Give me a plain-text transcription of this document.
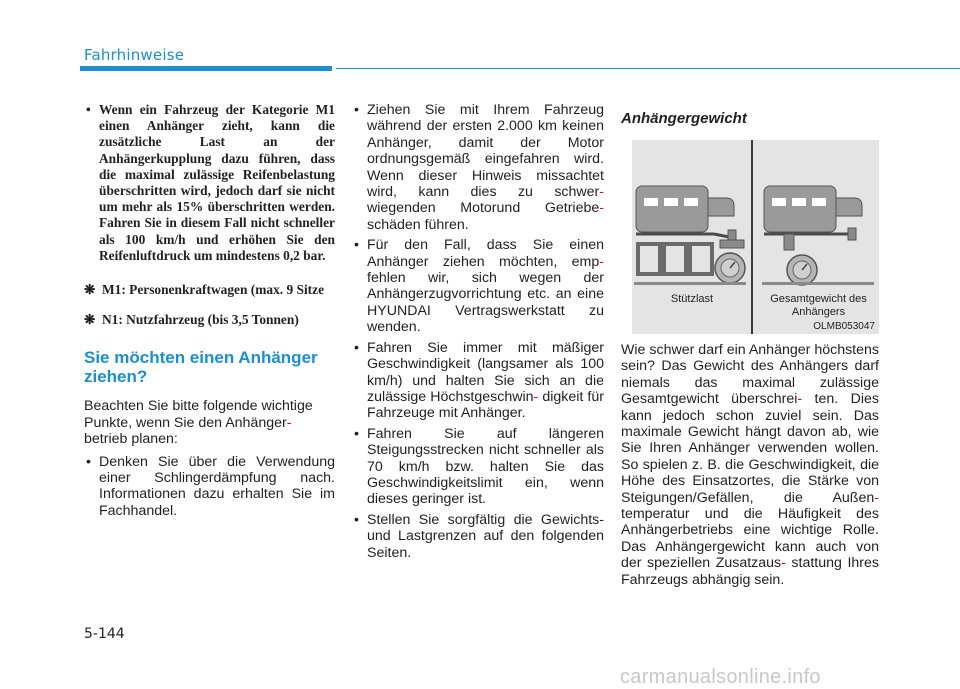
Fahrhinweise
• Wenn ein Fahrzeug der Kategorie M1 einen Anhänger zieht, kann die zusätzliche Last an der Anhängerkupplung dazu führen, dass die maximal zulässige Reifenbelastung überschritten wird, jedoch darf sie nicht um mehr als 15% überschritten werden. Fahren Sie in diesem Fall nicht schneller als 100 km/h und erhöhen Sie den Reifenluftdruck um mindestens 0,2 bar.
❋ M1: Personenkraftwagen (max. 9 Sitze
❋ N1: Nutzfahrzeug (bis 3,5 Tonnen)
Sie möchten einen Anhänger ziehen?
Beachten Sie bitte folgende wichtige Punkte, wenn Sie den Anhänger-
betrieb planen:
• Denken Sie über die Verwendung einer Schlingerdämpfung nach. Informationen dazu erhalten Sie im Fachhandel.
• Ziehen Sie mit Ihrem Fahrzeug während der ersten 2.000 km keinen Anhänger, damit der Motor ordnungsgemäß eingefahren wird. Wenn dieser Hinweis missachtet wird, kann dies zu schwer- wiegenden Motorund Getriebe- schäden führen.
• Für den Fall, dass Sie einen Anhänger ziehen möchten, emp- fehlen wir, sich wegen der Anhängerzugvorrichtung etc. an eine HYUNDAI Vertragswerkstatt zu wenden.
• Fahren Sie immer mit mäßiger Geschwindigkeit (langsamer als 100 km/h) und halten Sie sich an die zulässige Höchstgeschwin- digkeit für Fahrzeuge mit Anhänger.
• Fahren Sie auf längeren Steigungsstrecken nicht schneller als 70 km/h bzw. halten Sie das Geschwindigkeitslimit ein, wenn dieses geringer ist.
• Stellen Sie sorgfältig die Gewichts- und Lastgrenzen auf den folgenden Seiten.
Anhängergewicht
Stützlast	Gesamtgewicht des Anhängers
OLMB053047
Wie schwer darf ein Anhänger höchstens sein? Das Gewicht des Anhängers darf niemals das maximal zulässige Gesamtgewicht überschrei- ten. Dies kann jedoch schon zuviel sein. Das maximale Gewicht hängt davon ab, wie Sie Ihren Anhänger verwenden wollen. So spielen z. B. die Geschwindigkeit, die Höhe des Einsatzortes, die Stärke von Steigungen/Gefällen, die Außen- temperatur und die Häufigkeit des Anhängerbetriebs eine wichtige Rolle. Das Anhängergewicht kann auch von der speziellen Zusatzaus- stattung Ihres Fahrzeugs abhängig sein.
5-144
carmanualsonline.info
